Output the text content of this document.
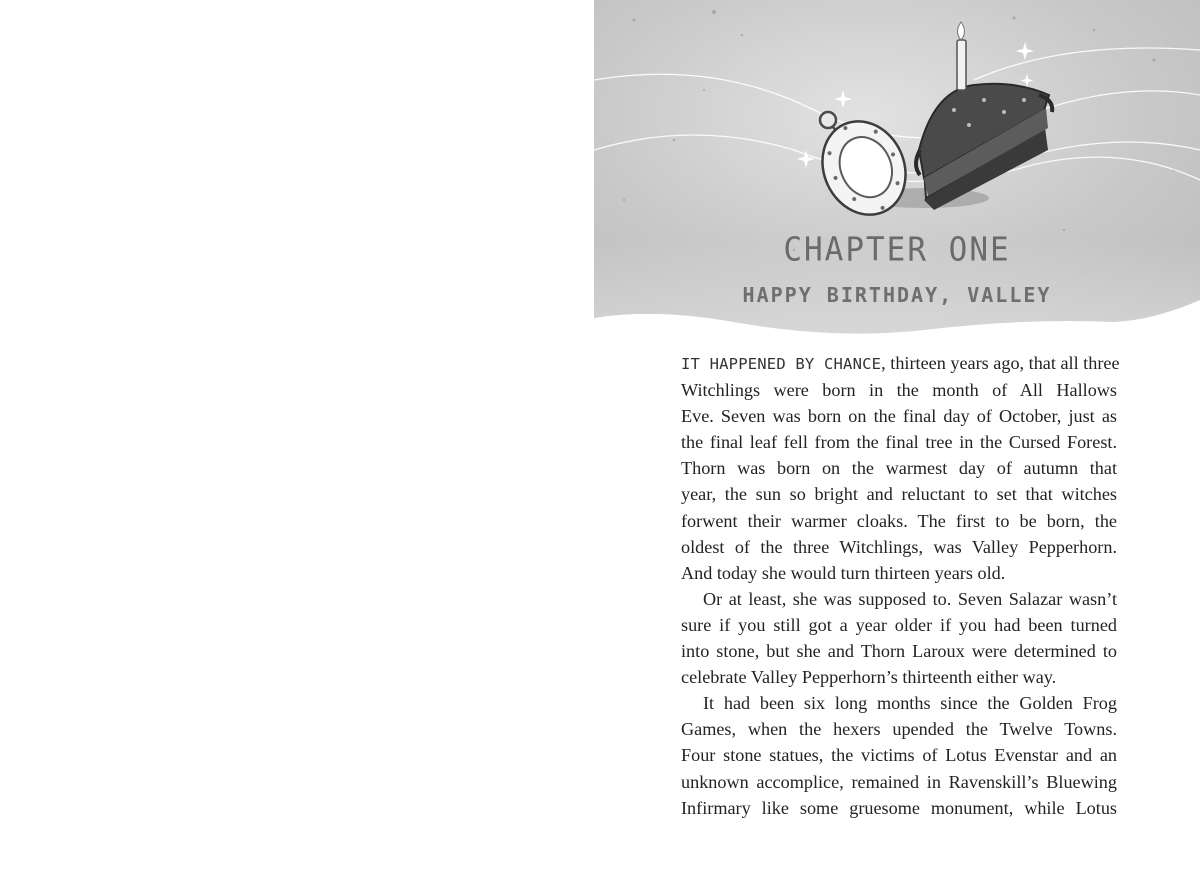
CHAPTER ONE
HAPPY BIRTHDAY, VALLEY

IT HAPPENED BY CHANCE, thirteen years ago, that all three
Witchlings were born in the month of All Hallows
Eve. Seven was born on the final day of October, just as
the final leaf fell from the final tree in the Cursed Forest.
Thorn was born on the warmest day of autumn that
year, the sun so bright and reluctant to set that witches
forwent their warmer cloaks. The first to be born, the
oldest of the three Witchlings, was Valley Pepperhorn.
And today she would turn thirteen years old.

Or at least, she was supposed to. Seven Salazar wasn’t
sure if you still got a year older if you had been turned
into stone, but she and Thorn Laroux were determined to
celebrate Valley Pepperhorn’s thirteenth either way.

It had been six long months since the Golden Frog
Games, when the hexers upended the Twelve Towns.
Four stone statues, the victims of Lotus Evenstar and an
unknown accomplice, remained in Ravenskill’s Bluewing
Infirmary like some gruesome monument, while Lotus
